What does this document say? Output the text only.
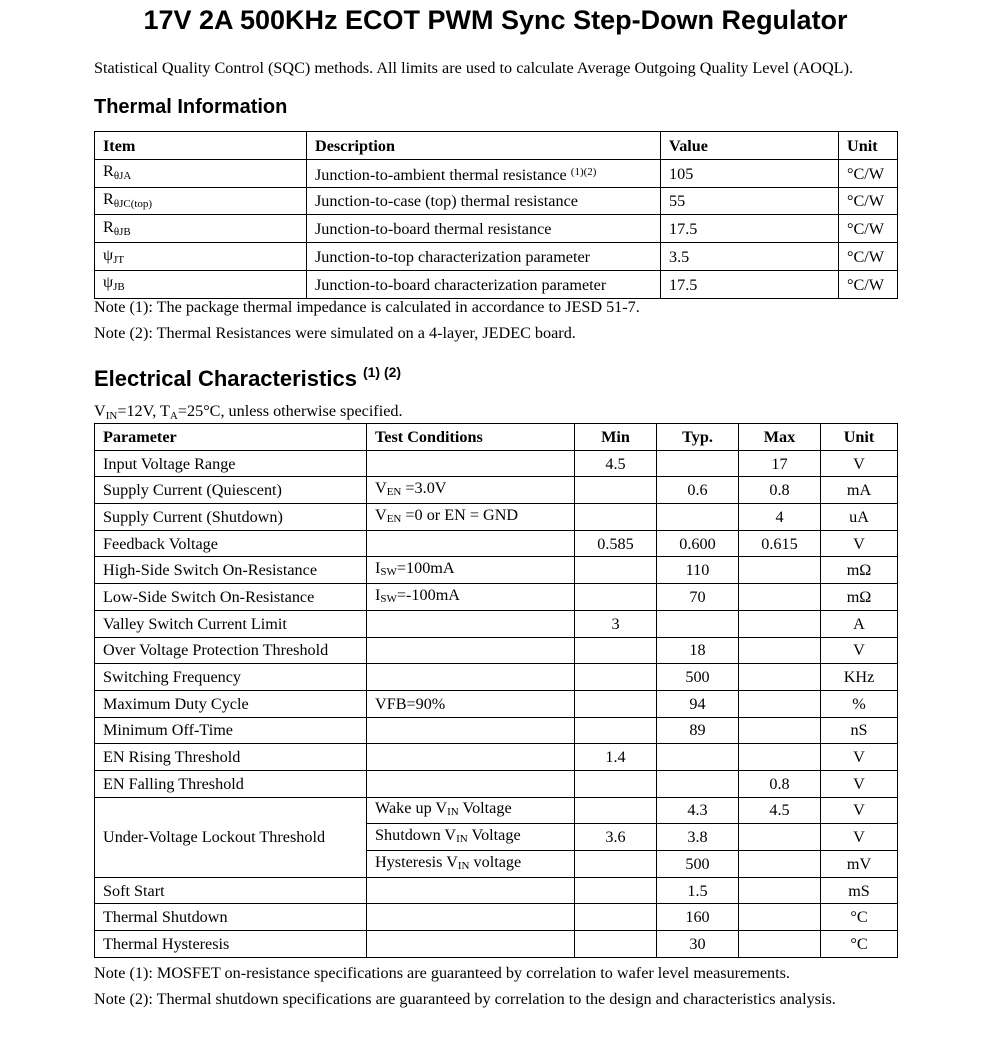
17V 2A 500KHz ECOT PWM Sync Step-Down Regulator
Statistical Quality Control (SQC) methods. All limits are used to calculate Average Outgoing Quality Level (AOQL).
Thermal Information
Item	Description	Value	Unit
$R_{\theta JA}$	Junction-to-ambient thermal resistance $^{(1)(2)}$	105	°C/W
$R_{\theta JC(top)}$	Junction-to-case (top) thermal resistance	55	°C/W
$R_{\theta JB}$	Junction-to-board thermal resistance	17.5	°C/W
$\psi_{JT}$	Junction-to-top characterization parameter	3.5	°C/W
$\psi_{JB}$	Junction-to-board characterization parameter	17.5	°C/W
Note (1): The package thermal impedance is calculated in accordance to JESD 51-7.
Note (2): Thermal Resistances were simulated on a 4-layer, JEDEC board.
Electrical Characteristics $^{(1) (2)}$
$V_{IN}=12V$, $T_A=25^\circ C$, unless otherwise specified.
Parameter	Test Conditions	Min	Typ.	Max	Unit
Input Voltage Range		4.5		17	V
Supply Current (Quiescent)	$V_{EN} =3.0V$		0.6	0.8	mA
Supply Current (Shutdown)	$V_{EN} =0$ or EN = GND			4	uA
Feedback Voltage		0.585	0.600	0.615	V
High-Side Switch On-Resistance	$I_{SW}=100mA$		110		mΩ
Low-Side Switch On-Resistance	$I_{SW}=-100mA$		70		mΩ
Valley Switch Current Limit		3			A
Over Voltage Protection Threshold			18		V
Switching Frequency			500		KHz
Maximum Duty Cycle	VFB=90%		94		%
Minimum Off-Time			89		nS
EN Rising Threshold		1.4			V
EN Falling Threshold				0.8	V
Under-Voltage Lockout Threshold	Wake up $V_{IN}$ Voltage		4.3	4.5	V
	Shutdown $V_{IN}$ Voltage	3.6	3.8		V
	Hysteresis $V_{IN}$ voltage		500		mV
Soft Start			1.5		mS
Thermal Shutdown			160		°C
Thermal Hysteresis			30		°C
Note (1): MOSFET on-resistance specifications are guaranteed by correlation to wafer level measurements.
Note (2): Thermal shutdown specifications are guaranteed by correlation to the design and characteristics analysis.
